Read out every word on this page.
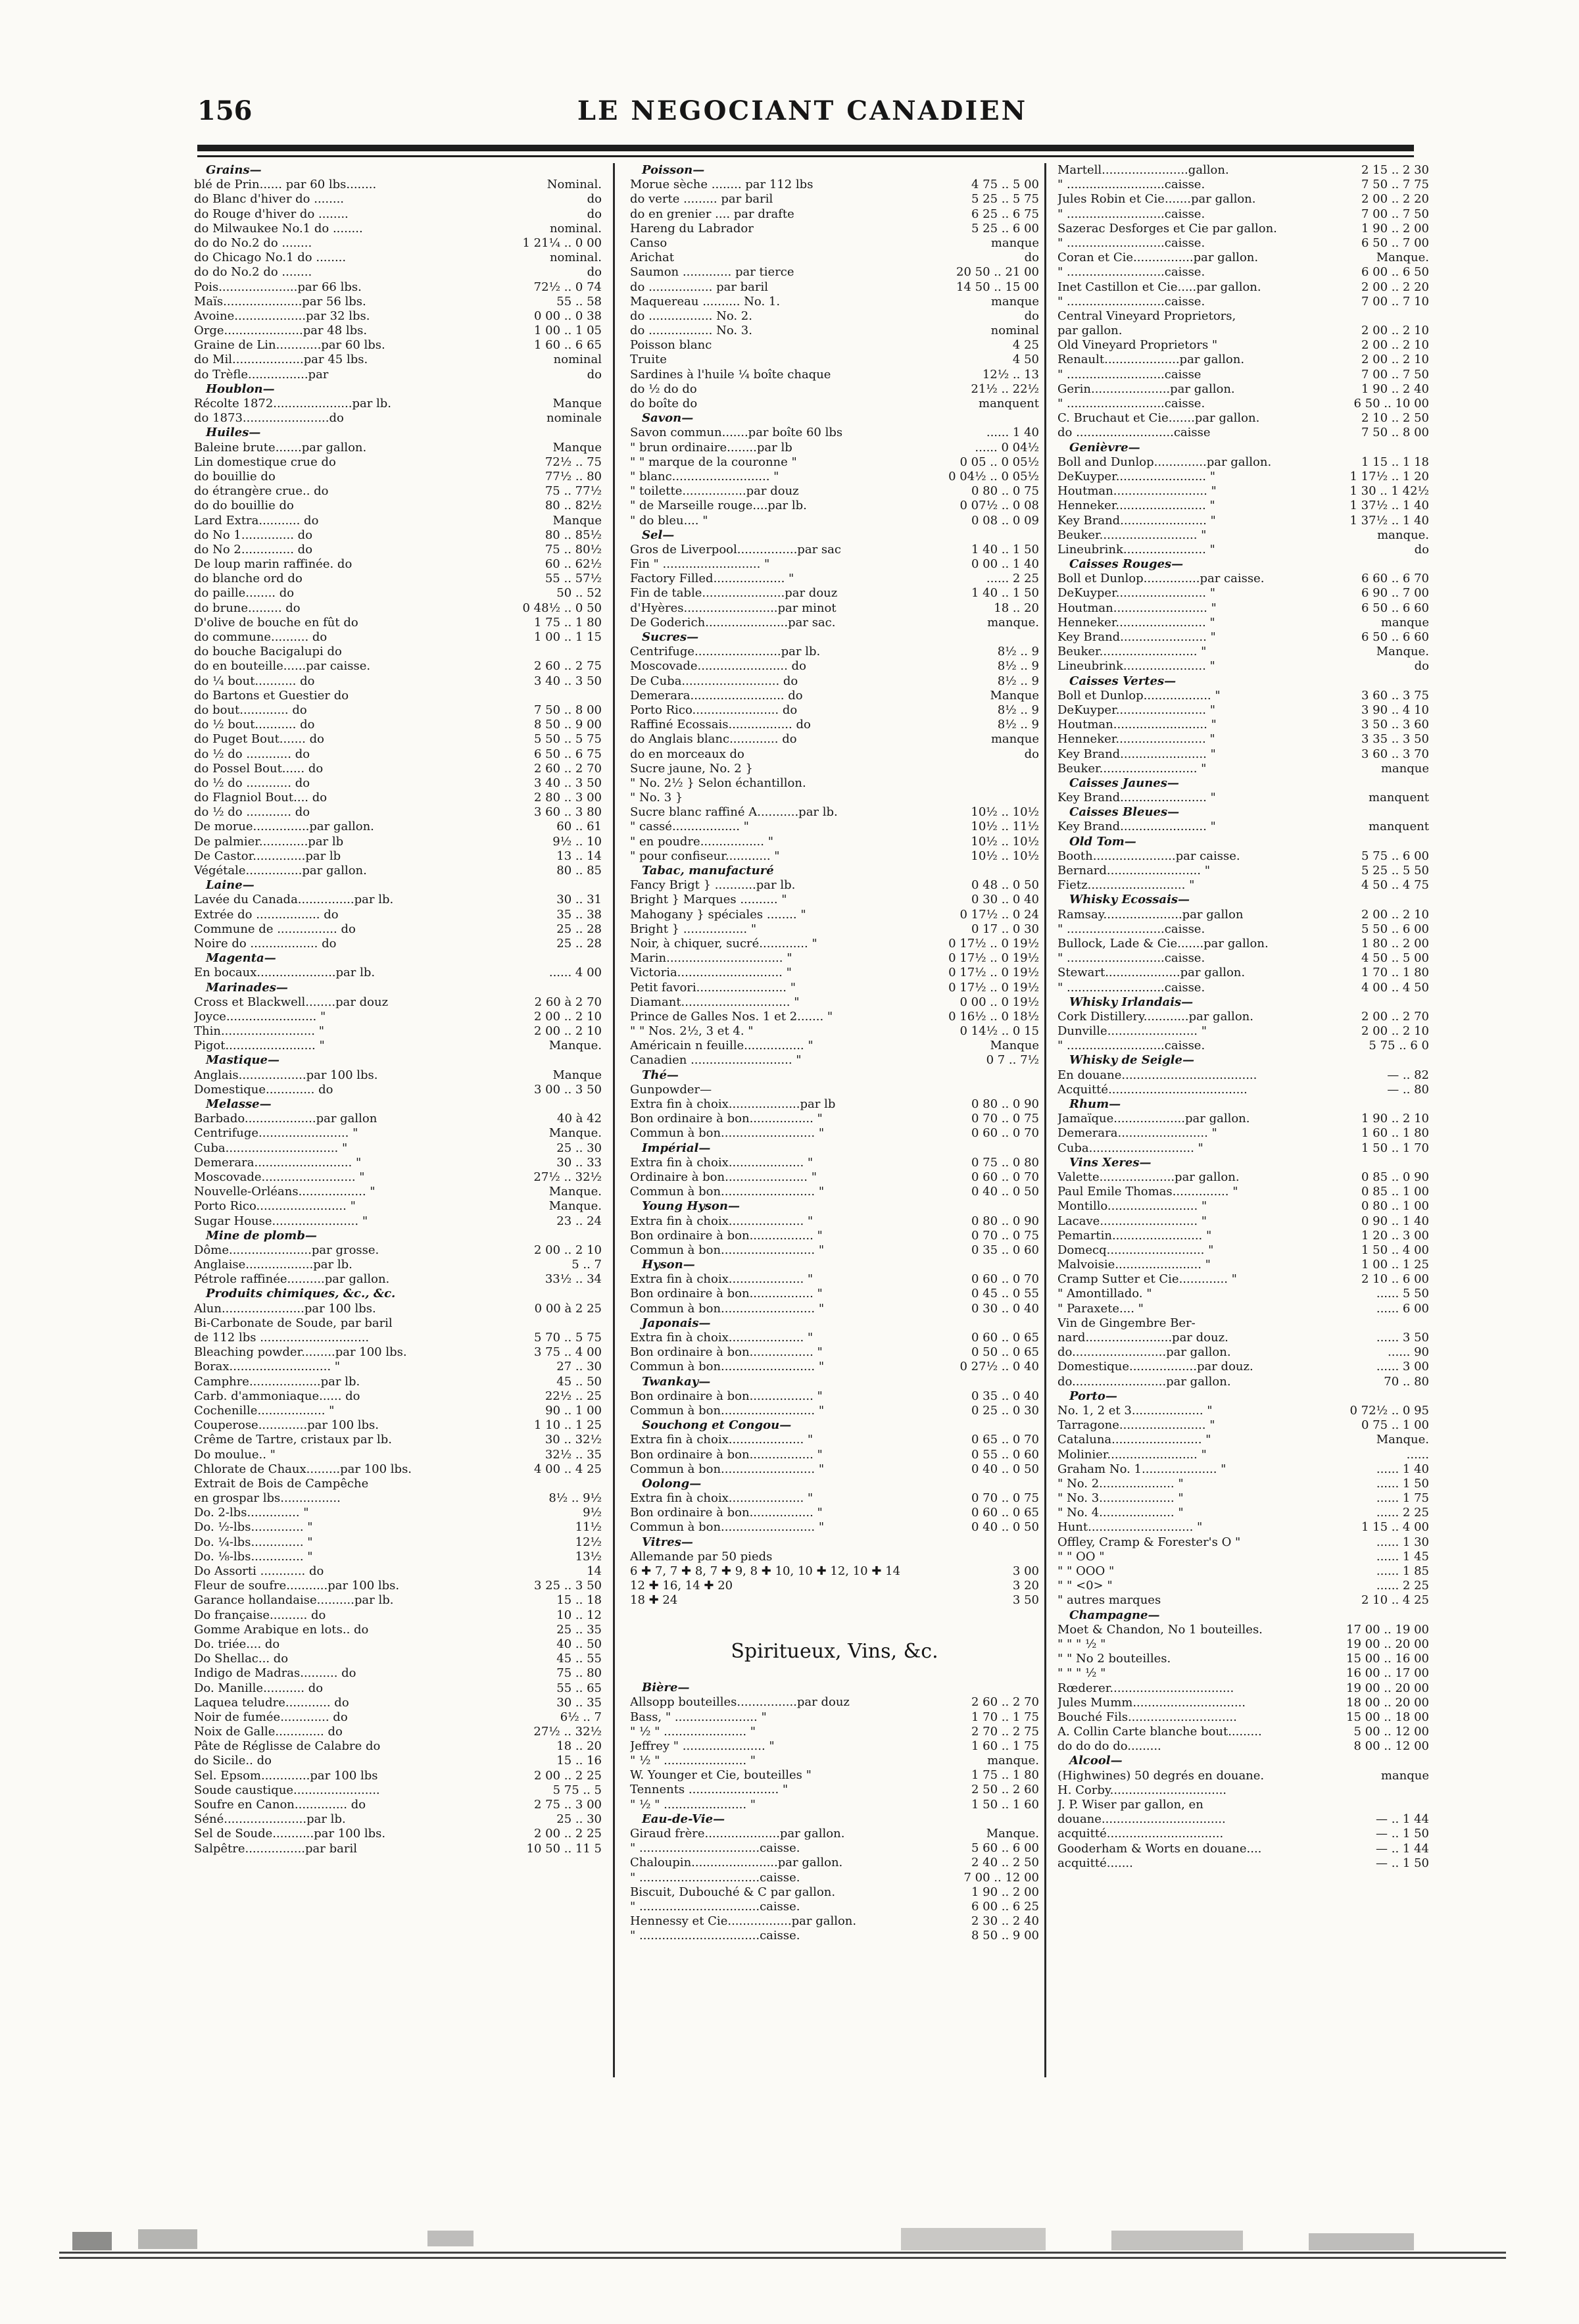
156	LE NEGOCIANT CANADIEN
Grains—
blé de Prin...... par 60 lbs........	Nominal.
do Blanc d'hiver do ........	do
do Rouge d'hiver do ........	do
do Milwaukee No.1 do ........	nominal.
do do No.2 do ........	1 21¼ .. 0 00
do Chicago No.1 do ........	nominal.
do do No.2 do ........	do
Pois.....................par 66 lbs.	72½ .. 0 74
Maïs.....................par 56 lbs.	55 .. 58
Avoine...................par 32 lbs.	0 00 .. 0 38
Orge.....................par 48 lbs.	1 00 .. 1 05
Graine de Lin............par 60 lbs.	1 60 .. 6 65
do Mil...................par 45 lbs.	nominal
do Trèfle................par	do
Houblon—
Récolte 1872.....................par lb.	Manque
do 1873.......................do	nominale
Huiles—
Baleine brute.......par gallon.	Manque
Lin domestique crue do	72½ .. 75
do bouillie do	77½ .. 80
do étrangère crue.. do	75 .. 77½
do do bouillie do	80 .. 82½
Lard Extra........... do	Manque
do No 1.............. do	80 .. 85½
do No 2.............. do	75 .. 80½
De loup marin raffinée. do	60 .. 62½
do blanche ord do	55 .. 57½
do paille........ do	50 .. 52
do brune......... do	0 48½ .. 0 50
D'olive de bouche en fût do	1 75 .. 1 80
do commune.......... do	1 00 .. 1 15
do bouche Bacigalupi do
do en bouteille......par caisse.	2 60 .. 2 75
do ¼ bout........... do	3 40 .. 3 50
do Bartons et Guestier do
do bout............. do	7 50 .. 8 00
do ½ bout........... do	8 50 .. 9 00
do Puget Bout....... do	5 50 .. 5 75
do ½ do ............ do	6 50 .. 6 75
do Possel Bout...... do	2 60 .. 2 70
do ½ do ............ do	3 40 .. 3 50
do Flagniol Bout.... do	2 80 .. 3 00
do ½ do ............ do	3 60 .. 3 80
De morue...............par gallon.	60 .. 61
De palmier.............par lb	9½ .. 10
De Castor..............par lb	13 .. 14
Végétale...............par gallon.	80 .. 85
Laine—
Lavée du Canada...............par lb.	30 .. 31
Extrée do ................. do	35 .. 38
Commune de ................ do	25 .. 28
Noire do .................. do	25 .. 28
Magenta—
En bocaux.....................par lb.	...... 4 00
Marinades—
Cross et Blackwell........par douz	2 60 à 2 70
Joyce........................ "	2 00 .. 2 10
Thin......................... "	2 00 .. 2 10
Pigot........................ "	Manque.
Mastique—
Anglais..................par 100 lbs.	Manque
Domestique............. do	3 00 .. 3 50
Melasse—
Barbado...................par gallon	40 à 42
Centrifuge........................ "	Manque.
Cuba.............................. "	25 .. 30
Demerara.......................... "	30 .. 33
Moscovade......................... "	27½ .. 32½
Nouvelle-Orléans.................. "	Manque.
Porto Rico........................ "	Manque.
Sugar House....................... "	23 .. 24
Mine de plomb—
Dôme......................par grosse.	2 00 .. 2 10
Anglaise..................par lb.	5 .. 7
Pétrole raffinée..........par gallon.	33½ .. 34
Produits chimiques, &c., &c.
Alun......................par 100 lbs.	0 00 à 2 25
Bi-Carbonate de Soude, par baril
de 112 lbs .............................	5 70 .. 5 75
Bleaching powder.........par 100 lbs.	3 75 .. 4 00
Borax........................... "	27 .. 30
Camphre...................par lb.	45 .. 50
Carb. d'ammoniaque...... do	22½ .. 25
Cochenille.................. "	90 .. 1 00
Couperose.............par 100 lbs.	1 10 .. 1 25
Crême de Tartre, cristaux par lb.	30 .. 32½
Do moulue.. "	32½ .. 35
Chlorate de Chaux.........par 100 lbs.	4 00 .. 4 25
Extrait de Bois de Campêche
en grospar lbs................	8½ .. 9½
Do. 2-lbs.............. "	9½
Do. ½-lbs.............. "	11½
Do. ¼-lbs.............. "	12½
Do. ⅛-lbs.............. "	13½
Do Assorti ............ do	14
Fleur de soufre...........par 100 lbs.	3 25 .. 3 50
Garance hollandaise..........par lb.	15 .. 18
Do française.......... do	10 .. 12
Gomme Arabique en lots.. do	25 .. 35
Do. triée.... do	40 .. 50
Do Shellac... do	45 .. 55
Indigo de Madras.......... do	75 .. 80
Do. Manille........... do	55 .. 65
Laquea teludre............ do	30 .. 35
Noir de fumée............. do	6½ .. 7
Noix de Galle............. do	27½ .. 32½
Pâte de Réglisse de Calabre do	18 .. 20
do Sicile.. do	15 .. 16
Sel. Epsom.............par 100 lbs	2 00 .. 2 25
Soude caustique.......................	5 75 .. 5
Soufre en Canon.............. do	2 75 .. 3 00
Séné......................par lb.	25 .. 30
Sel de Soude...........par 100 lbs.	2 00 .. 2 25
Salpêtre................par baril	10 50 .. 11 5
Poisson—
Morue sèche ........ par 112 lbs	4 75 .. 5 00
do verte ......... par baril	5 25 .. 5 75
do en grenier .... par drafte	6 25 .. 6 75
Hareng du Labrador	5 25 .. 6 00
Canso	manque
Arichat	do
Saumon ............. par tierce	20 50 .. 21 00
do ................. par baril	14 50 .. 15 00
Maquereau .......... No. 1.	manque
do ................. No. 2.	do
do ................. No. 3.	nominal
Poisson blanc	4 25
Truite	4 50
Sardines à l'huile ¼ boîte chaque	12½ .. 13
do ½ do do	21½ .. 22½
do boîte do	manquent
Savon—
Savon commun.......par boîte 60 lbs	...... 1 40
" brun ordinaire........par lb	...... 0 04½
" " marque de la couronne "	0 05 .. 0 05½
" blanc.......................... "	0 04½ .. 0 05½
" toilette.................par douz	0 80 .. 0 75
" de Marseille rouge....par lb.	0 07½ .. 0 08
" do bleu.... "	0 08 .. 0 09
Sel—
Gros de Liverpool................par sac	1 40 .. 1 50
Fin " .......................... "	0 00 .. 1 40
Factory Filled................... "	...... 2 25
Fin de table......................par douz	1 40 .. 1 50
d'Hyères.........................par minot	18 .. 20
De Goderich......................par sac.	manque.
Sucres—
Centrifuge.......................par lb.	8½ .. 9
Moscovade........................ do	8½ .. 9
De Cuba.......................... do	8½ .. 9
Demerara......................... do	Manque
Porto Rico....................... do	8½ .. 9
Raffiné Ecossais................. do	8½ .. 9
do Anglais blanc............. do	manque
do en morceaux do	do
Sucre jaune, No. 2 }
" No. 2½ } Selon échantillon.
" No. 3 }
Sucre blanc raffiné A...........par lb.	10½ .. 10½
" cassé.................. "	10½ .. 11½
" en poudre................. "	10½ .. 10½
" pour confiseur............ "	10½ .. 10½
Tabac, manufacturé
Fancy Brigt } ...........par lb.	0 48 .. 0 50
Bright } Marques .......... "	0 30 .. 0 40
Mahogany } spéciales ........ "	0 17½ .. 0 24
Bright } ................. "	0 17 .. 0 30
Noir, à chiquer, sucré............. "	0 17½ .. 0 19½
Marin............................... "	0 17½ .. 0 19½
Victoria............................ "	0 17½ .. 0 19½
Petit favori........................ "	0 17½ .. 0 19½
Diamant............................. "	0 00 .. 0 19½
Prince de Galles Nos. 1 et 2....... "	0 16½ .. 0 18½
" " Nos. 2½, 3 et 4. "	0 14½ .. 0 15
Américain n feuille................ "	Manque
Canadien ........................... "	0 7 .. 7½
Thé—
Gunpowder—
Extra fin à choix...................par lb	0 80 .. 0 90
Bon ordinaire à bon................. "	0 70 .. 0 75
Commun à bon......................... "	0 60 .. 0 70
Impérial—
Extra fin à choix.................... "	0 75 .. 0 80
Ordinaire à bon...................... "	0 60 .. 0 70
Commun à bon......................... "	0 40 .. 0 50
Young Hyson—
Extra fin à choix.................... "	0 80 .. 0 90
Bon ordinaire à bon................. "	0 70 .. 0 75
Commun à bon......................... "	0 35 .. 0 60
Hyson—
Extra fin à choix.................... "	0 60 .. 0 70
Bon ordinaire à bon................. "	0 45 .. 0 55
Commun à bon......................... "	0 30 .. 0 40
Japonais—
Extra fin à choix.................... "	0 60 .. 0 65
Bon ordinaire à bon................. "	0 50 .. 0 65
Commun à bon......................... "	0 27½ .. 0 40
Twankay—
Bon ordinaire à bon................. "	0 35 .. 0 40
Commun à bon......................... "	0 25 .. 0 30
Souchong et Congou—
Extra fin à choix.................... "	0 65 .. 0 70
Bon ordinaire à bon................. "	0 55 .. 0 60
Commun à bon......................... "	0 40 .. 0 50
Oolong—
Extra fin à choix.................... "	0 70 .. 0 75
Bon ordinaire à bon................. "	0 60 .. 0 65
Commun à bon......................... "	0 40 .. 0 50
Vitres—
Allemande par 50 pieds
6 ✚ 7, 7 ✚ 8, 7 ✚ 9, 8 ✚ 10, 10 ✚ 12, 10 ✚ 14	3 00
12 ✚ 16, 14 ✚ 20	3 20
18 ✚ 24	3 50
Spiritueux, Vins, &c.
Bière—
Allsopp bouteilles................par douz	2 60 .. 2 70
Bass, " ...................... "	1 70 .. 1 75
" ½ " ...................... "	2 70 .. 2 75
Jeffrey " ...................... "	1 60 .. 1 75
" ½ " ...................... "	manque.
W. Younger et Cie, bouteilles "	1 75 .. 1 80
Tennents ........................ "	2 50 .. 2 60
" ½ " ...................... "	1 50 .. 1 60
Eau-de-Vie—
Giraud frère....................par gallon.	Manque.
" ................................caisse.	5 60 .. 6 00
Chaloupin.......................par gallon.	2 40 .. 2 50
" ................................caisse.	7 00 .. 12 00
Biscuit, Dubouché & C par gallon.	1 90 .. 2 00
" ................................caisse.	6 00 .. 6 25
Hennessy et Cie.................par gallon.	2 30 .. 2 40
" ................................caisse.	8 50 .. 9 00
Martell.......................gallon.	2 15 .. 2 30
" ..........................caisse.	7 50 .. 7 75
Jules Robin et Cie.......par gallon.	2 00 .. 2 20
" ..........................caisse.	7 00 .. 7 50
Sazerac Desforges et Cie par gallon.	1 90 .. 2 00
" ..........................caisse.	6 50 .. 7 00
Coran et Cie................par gallon.	Manque.
" ..........................caisse.	6 00 .. 6 50
Inet Castillon et Cie.....par gallon.	2 00 .. 2 20
" ..........................caisse.	7 00 .. 7 10
Central Vineyard Proprietors,
par gallon.	2 00 .. 2 10
Old Vineyard Proprietors "	2 00 .. 2 10
Renault....................par gallon.	2 00 .. 2 10
" ..........................caisse	7 00 .. 7 50
Gerin.....................par gallon.	1 90 .. 2 40
" ..........................caisse.	6 50 .. 10 00
C. Bruchaut et Cie.......par gallon.	2 10 .. 2 50
do ..........................caisse	7 50 .. 8 00
Genièvre—
Boll and Dunlop..............par gallon.	1 15 .. 1 18
DeKuyper........................ "	1 17½ .. 1 20
Houtman......................... "	1 30 .. 1 42½
Henneker........................ "	1 37½ .. 1 40
Key Brand....................... "	1 37½ .. 1 40
Beuker.......................... "	manque.
Lineubrink...................... "	do
Caisses Rouges—
Boll et Dunlop...............par caisse.	6 60 .. 6 70
DeKuyper........................ "	6 90 .. 7 00
Houtman......................... "	6 50 .. 6 60
Henneker........................ "	manque
Key Brand....................... "	6 50 .. 6 60
Beuker.......................... "	Manque.
Lineubrink...................... "	do
Caisses Vertes—
Boll et Dunlop.................. "	3 60 .. 3 75
DeKuyper........................ "	3 90 .. 4 10
Houtman......................... "	3 50 .. 3 60
Henneker........................ "	3 35 .. 3 50
Key Brand....................... "	3 60 .. 3 70
Beuker.......................... "	manque
Caisses Jaunes—
Key Brand....................... "	manquent
Caisses Bleues—
Key Brand....................... "	manquent
Old Tom—
Booth......................par caisse.	5 75 .. 6 00
Bernard......................... "	5 25 .. 5 50
Fietz.......................... "	4 50 .. 4 75
Whisky Ecossais—
Ramsay.....................par gallon	2 00 .. 2 10
" ..........................caisse.	5 50 .. 6 00
Bullock, Lade & Cie.......par gallon.	1 80 .. 2 00
" ..........................caisse.	4 50 .. 5 00
Stewart....................par gallon.	1 70 .. 1 80
" ..........................caisse.	4 00 .. 4 50
Whisky Irlandais—
Cork Distillery............par gallon.	2 00 .. 2 70
Dunville........................ "	2 00 .. 2 10
" ..........................caisse.	5 75 .. 6 0
Whisky de Seigle—
En douane....................................	— .. 82
Acquitté.....................................	— .. 80
Rhum—
Jamaïque...................par gallon.	1 90 .. 2 10
Demerara........................ "	1 60 .. 1 80
Cuba............................ "	1 50 .. 1 70
Vins Xeres—
Valette....................par gallon.	0 85 .. 0 90
Paul Emile Thomas............... "	0 85 .. 1 00
Montillo........................ "	0 80 .. 1 00
Lacave.......................... "	0 90 .. 1 40
Pemartin........................ "	1 20 .. 3 00
Domecq.......................... "	1 50 .. 4 00
Malvoisie....................... "	1 00 .. 1 25
Cramp Sutter et Cie............. "	2 10 .. 6 00
" Amontillado. "	...... 5 50
" Paraxete.... "	...... 6 00
Vin de Gingembre Ber-
nard.......................par douz.	...... 3 50
do.........................par gallon.	...... 90
Domestique..................par douz.	...... 3 00
do.........................par gallon.	70 .. 80
Porto—
No. 1, 2 et 3................... "	0 72½ .. 0 95
Tarragone....................... "	0 75 .. 1 00
Cataluna........................ "	Manque.
Molinier........................ "	......
Graham No. 1.................... "	...... 1 40
" No. 2.................... "	...... 1 50
" No. 3.................... "	...... 1 75
" No. 4.................... "	...... 2 25
Hunt............................ "	1 15 .. 4 00
Offley, Cramp & Forester's O "	...... 1 30
" " OO "	...... 1 45
" " OOO "	...... 1 85
" " <0> "	...... 2 25
" autres marques	2 10 .. 4 25
Champagne—
Moet & Chandon, No 1 bouteilles.	17 00 .. 19 00
" " " ½ "	19 00 .. 20 00
" " No 2 bouteilles.	15 00 .. 16 00
" " " ½ "	16 00 .. 17 00
Rœderer.................................	19 00 .. 20 00
Jules Mumm..............................	18 00 .. 20 00
Bouché Fils.............................	15 00 .. 18 00
A. Collin Carte blanche bout.........	5 00 .. 12 00
do do do do.........	8 00 .. 12 00
Alcool—
(Highwines) 50 degrés en douane.	manque
H. Corby...............................
J. P. Wiser par gallon, en
douane.................................	— .. 1 44
acquitté...............................	— .. 1 50
Gooderham & Worts en douane....	— .. 1 44
acquitté.......	— .. 1 50
